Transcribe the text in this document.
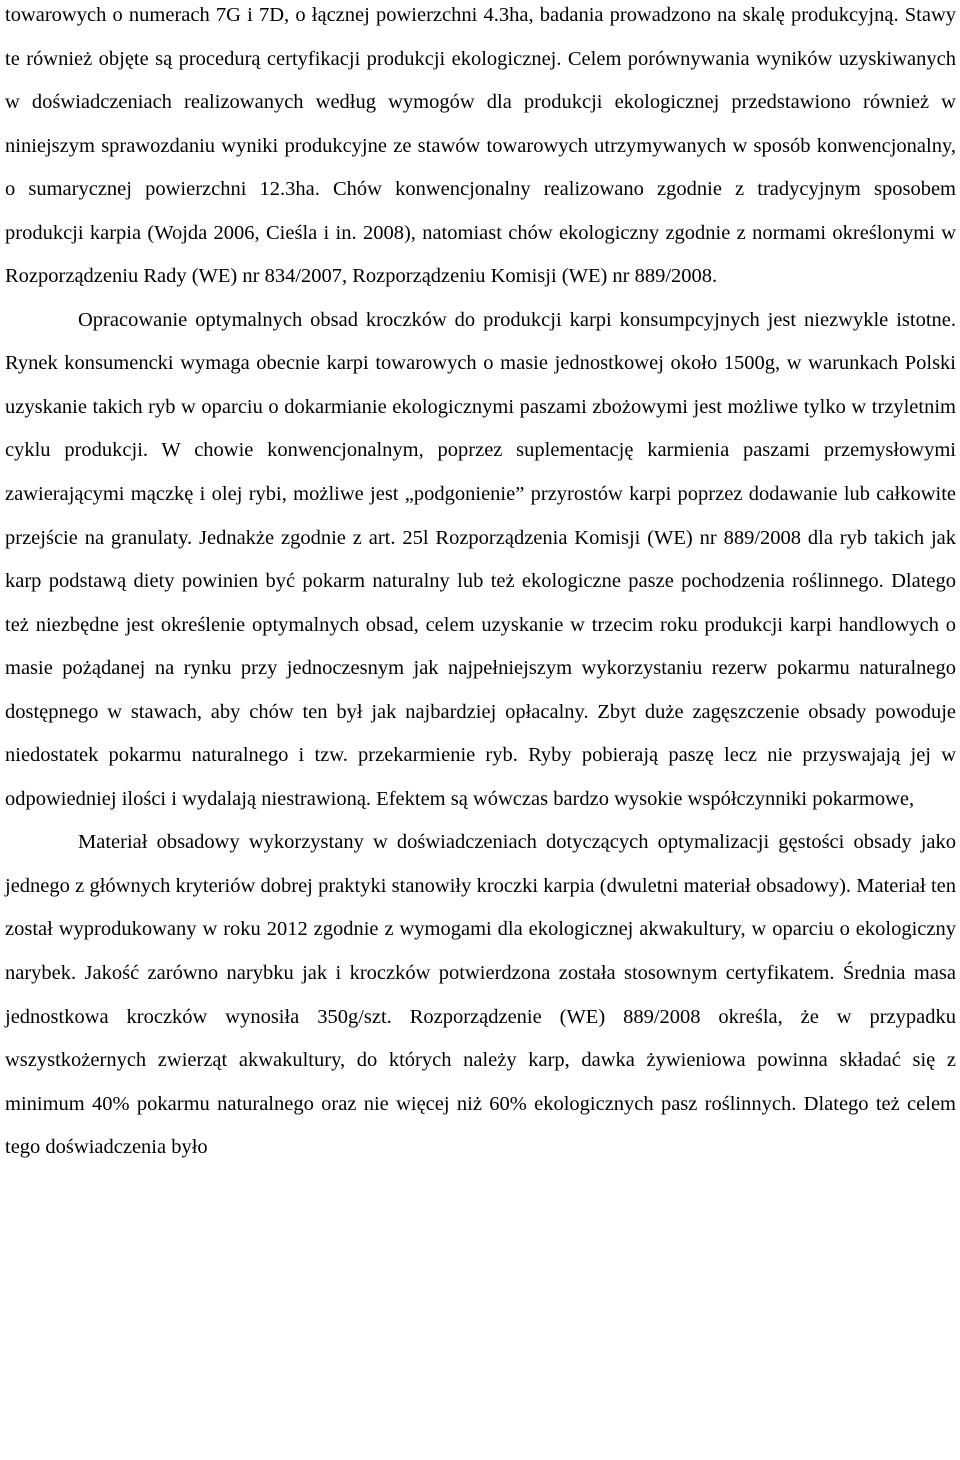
towarowych o numerach 7G i 7D, o łącznej powierzchni 4.3ha, badania prowadzono na skalę produkcyjną. Stawy te również objęte są procedurą certyfikacji produkcji ekologicznej. Celem porównywania wyników uzyskiwanych w doświadczeniach realizowanych według wymogów dla produkcji ekologicznej przedstawiono również w niniejszym sprawozdaniu wyniki produkcyjne ze stawów towarowych utrzymywanych w sposób konwencjonalny, o sumarycznej powierzchni 12.3ha. Chów konwencjonalny realizowano zgodnie z tradycyjnym sposobem produkcji karpia (Wojda 2006, Cieśla i in. 2008), natomiast chów ekologiczny zgodnie z normami określonymi w Rozporządzeniu Rady (WE) nr 834/2007, Rozporządzeniu Komisji (WE) nr 889/2008.

Opracowanie optymalnych obsad kroczków do produkcji karpi konsumpcyjnych jest niezwykle istotne. Rynek konsumencki wymaga obecnie karpi towarowych o masie jednostkowej około 1500g, w warunkach Polski uzyskanie takich ryb w oparciu o dokarmianie ekologicznymi paszami zbożowymi jest możliwe tylko w trzyletnim cyklu produkcji. W chowie konwencjonalnym, poprzez suplementację karmienia paszami przemysłowymi zawierającymi mączkę i olej rybi, możliwe jest „podgonienie” przyrostów karpi poprzez dodawanie lub całkowite przejście na granulaty. Jednakże zgodnie z art. 25l Rozporządzenia Komisji (WE) nr 889/2008 dla ryb takich jak karp podstawą diety powinien być pokarm naturalny lub też ekologiczne pasze pochodzenia roślinnego. Dlatego też niezbędne jest określenie optymalnych obsad, celem uzyskanie w trzecim roku produkcji karpi handlowych o masie pożądanej na rynku przy jednoczesnym jak najpełniejszym wykorzystaniu rezerw pokarmu naturalnego dostępnego w stawach, aby chów ten był jak najbardziej opłacalny. Zbyt duże zagęszczenie obsady powoduje niedostatek pokarmu naturalnego i tzw. przekarmienie ryb. Ryby pobierają paszę lecz nie przyswajają jej w odpowiedniej ilości i wydalają niestrawioną. Efektem są wówczas bardzo wysokie współczynniki pokarmowe,

Materiał obsadowy wykorzystany w doświadczeniach dotyczących optymalizacji gęstości obsady jako jednego z głównych kryteriów dobrej praktyki stanowiły kroczki karpia (dwuletni materiał obsadowy). Materiał ten został wyprodukowany w roku 2012 zgodnie z wymogami dla ekologicznej akwakultury, w oparciu o ekologiczny narybek. Jakość zarówno narybku jak i kroczków potwierdzona została stosownym certyfikatem. Średnia masa jednostkowa kroczków wynosiła 350g/szt. Rozporządzenie (WE) 889/2008 określa, że w przypadku wszystkożernych zwierząt akwakultury, do których należy karp, dawka żywieniowa powinna składać się z minimum 40% pokarmu naturalnego oraz nie więcej niż 60% ekologicznych pasz roślinnych. Dlatego też celem tego doświadczenia było
